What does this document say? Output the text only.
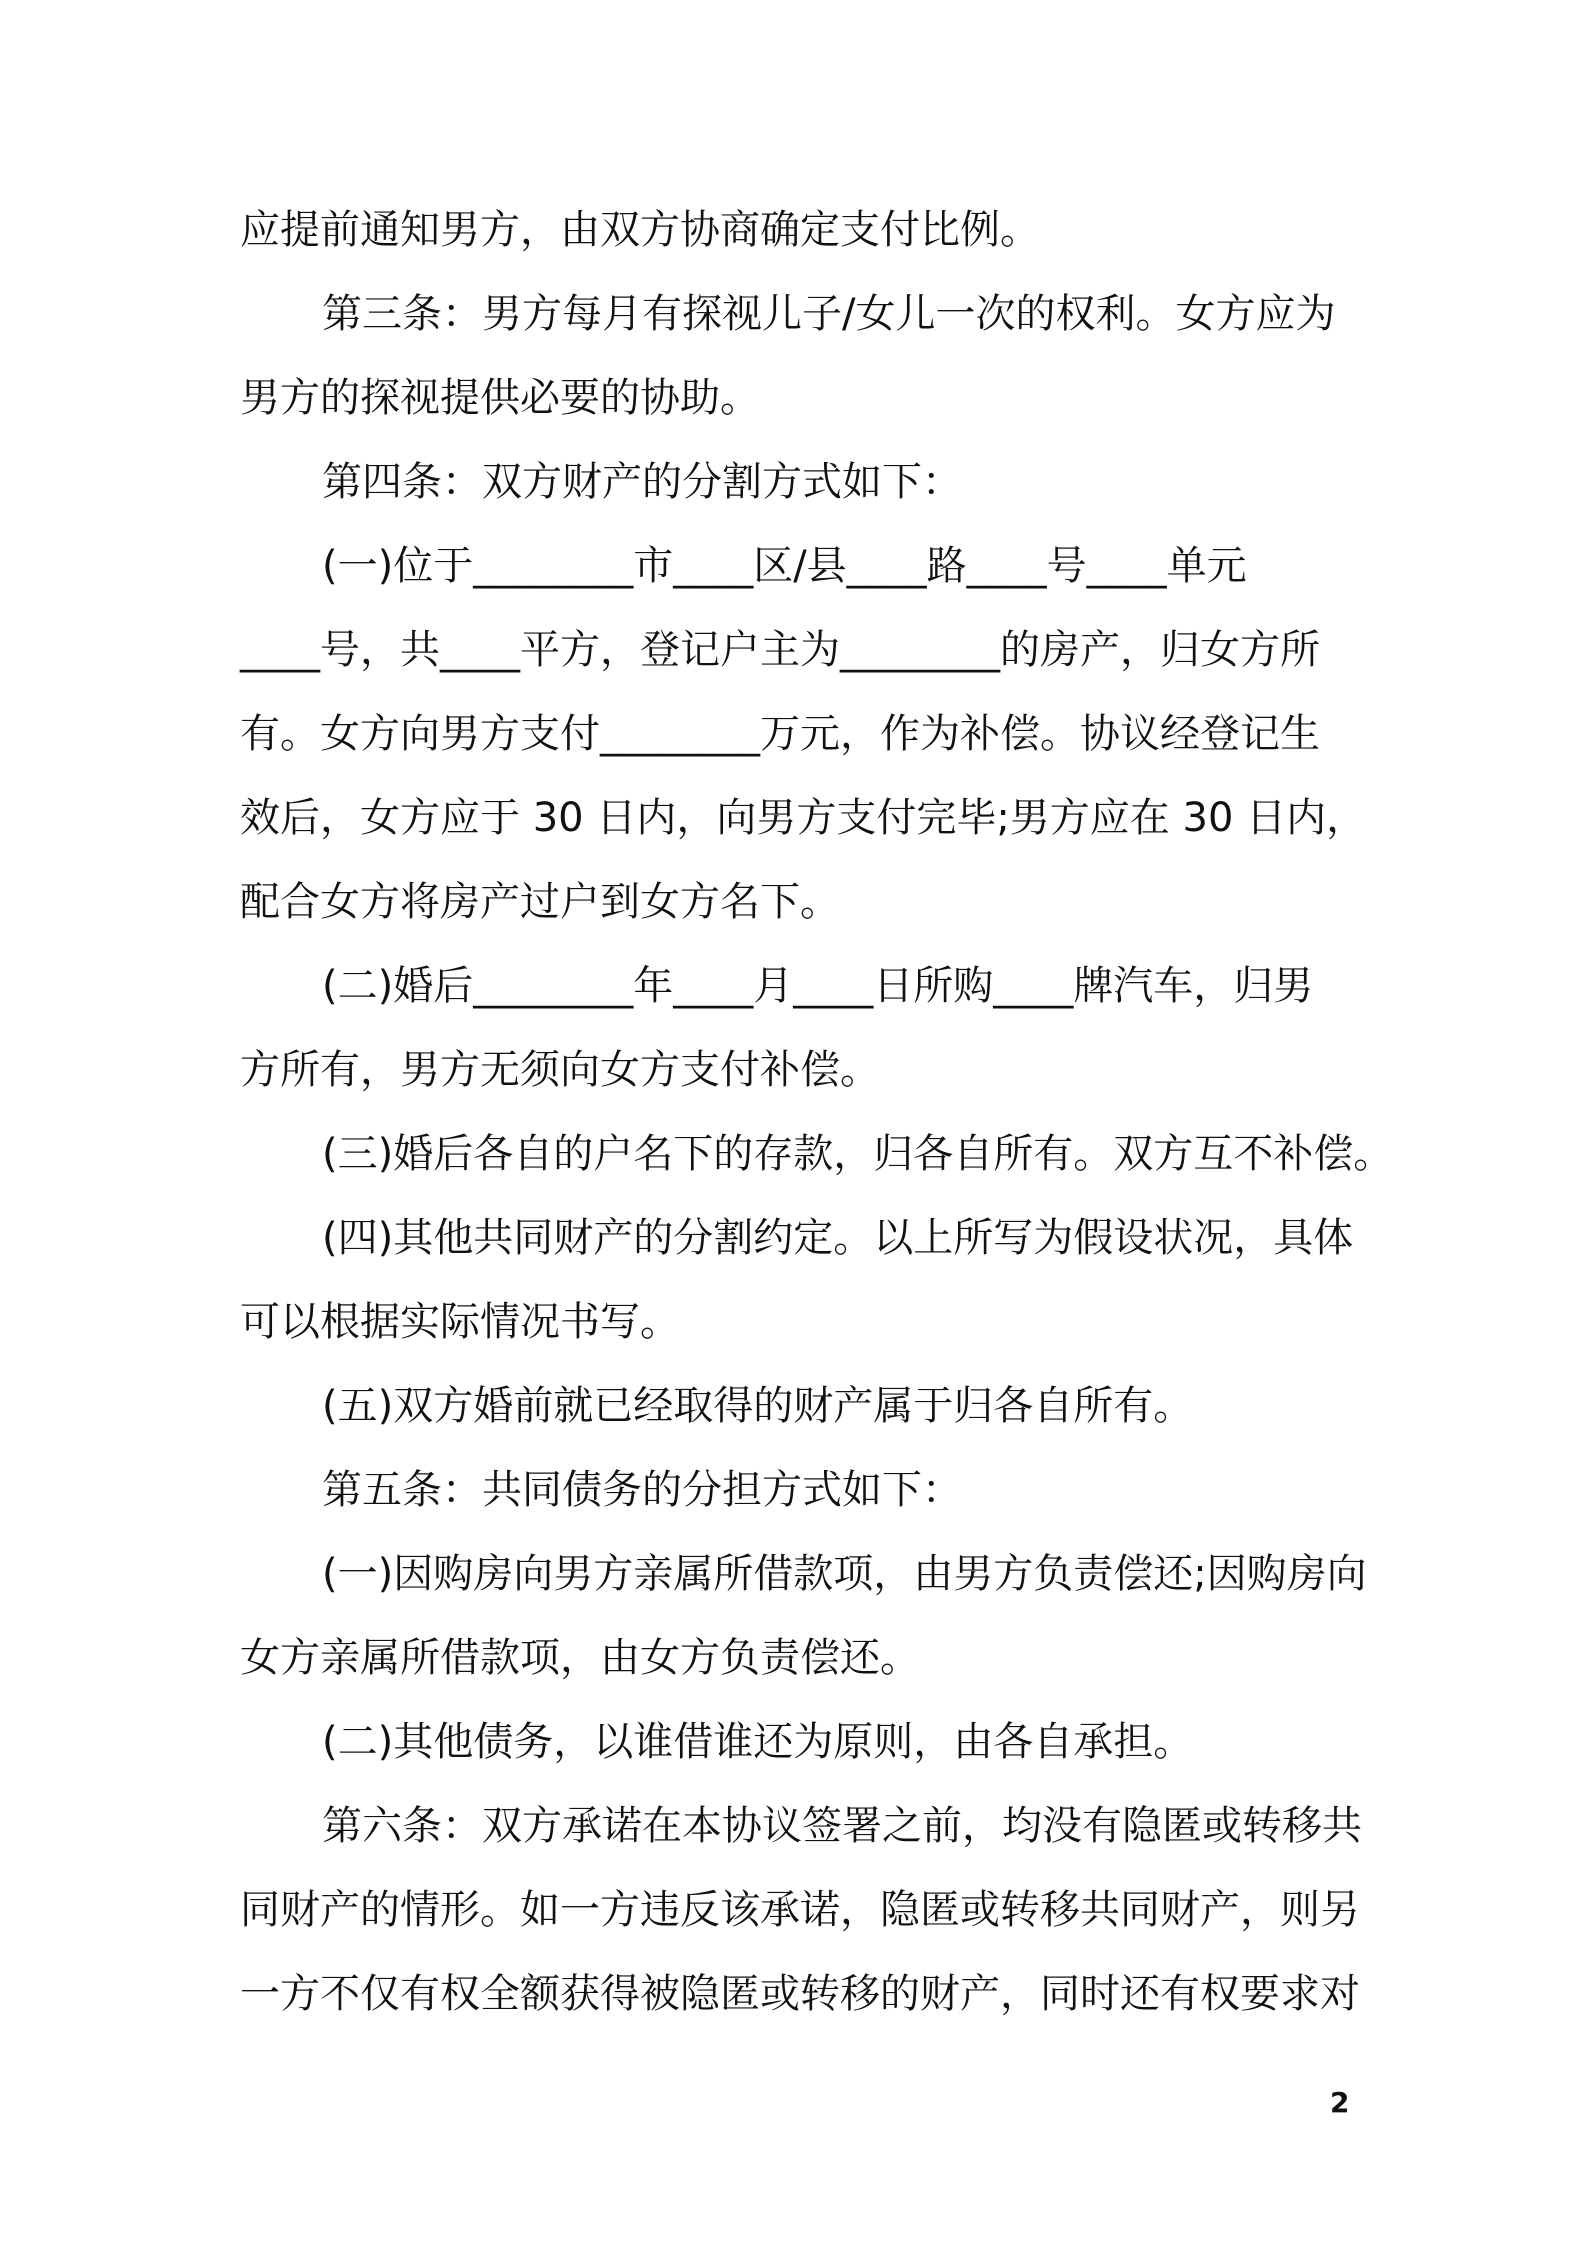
应提前通知男方，由双方协商确定支付比例。
第三条：男方每月有探视儿子/女儿一次的权利。女方应为
男方的探视提供必要的协助。
第四条：双方财产的分割方式如下：
(一)位于________市____区/县____路____号____单元
____号，共____平方，登记户主为________的房产，归女方所
有。女方向男方支付________万元，作为补偿。协议经登记生
效后，女方应于 30 日内，向男方支付完毕;男方应在 30 日内，
配合女方将房产过户到女方名下。
(二)婚后________年____月____日所购____牌汽车，归男
方所有，男方无须向女方支付补偿。
(三)婚后各自的户名下的存款，归各自所有。双方互不补偿。
(四)其他共同财产的分割约定。以上所写为假设状况，具体
可以根据实际情况书写。
(五)双方婚前就已经取得的财产属于归各自所有。
第五条：共同债务的分担方式如下：
(一)因购房向男方亲属所借款项，由男方负责偿还;因购房向
女方亲属所借款项，由女方负责偿还。
(二)其他债务，以谁借谁还为原则，由各自承担。
第六条：双方承诺在本协议签署之前，均没有隐匿或转移共
同财产的情形。如一方违反该承诺，隐匿或转移共同财产，则另
一方不仅有权全额获得被隐匿或转移的财产，同时还有权要求对
2
